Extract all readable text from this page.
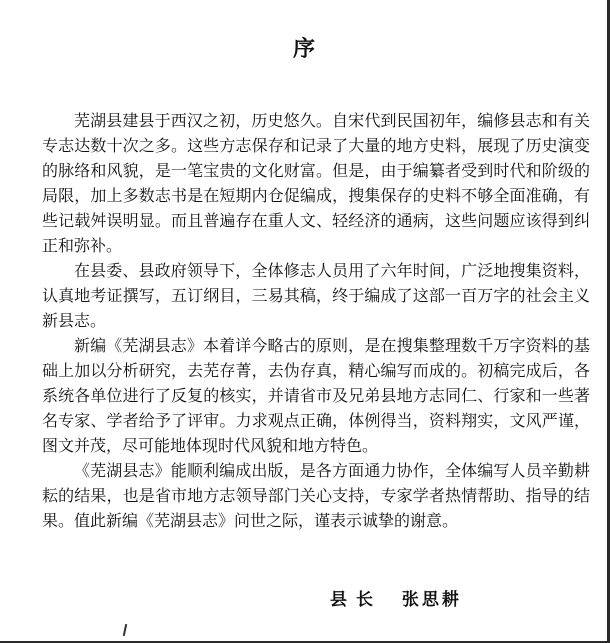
序

芜湖县建县于西汉之初，历史悠久。自宋代到民国初年，编修县志和有关专志达数十次之多。这些方志保存和记录了大量的地方史料，展现了历史演变的脉络和风貌，是一笔宝贵的文化财富。但是，由于编纂者受到时代和阶级的局限，加上多数志书是在短期内仓促编成，搜集保存的史料不够全面准确，有些记载舛误明显。而且普遍存在重人文、轻经济的通病，这些问题应该得到纠正和弥补。

在县委、县政府领导下，全体修志人员用了六年时间，广泛地搜集资料，认真地考证撰写，五订纲目，三易其稿，终于编成了这部一百万字的社会主义新县志。

新编《芜湖县志》本着详今略古的原则，是在搜集整理数千万字资料的基础上加以分析研究，去芜存菁，去伪存真，精心编写而成的。初稿完成后，各系统各单位进行了反复的核实，并请省市及兄弟县地方志同仁、行家和一些著名专家、学者给予了评审。力求观点正确，体例得当，资料翔实，文风严谨，图文并茂，尽可能地体现时代风貌和地方特色。

《芜湖县志》能顺利编成出版，是各方面通力协作，全体编写人员辛勤耕耘的结果，也是省市地方志领导部门关心支持，专家学者热情帮助、指导的结果。值此新编《芜湖县志》问世之际，谨表示诚挚的谢意。

县长 张思耕
